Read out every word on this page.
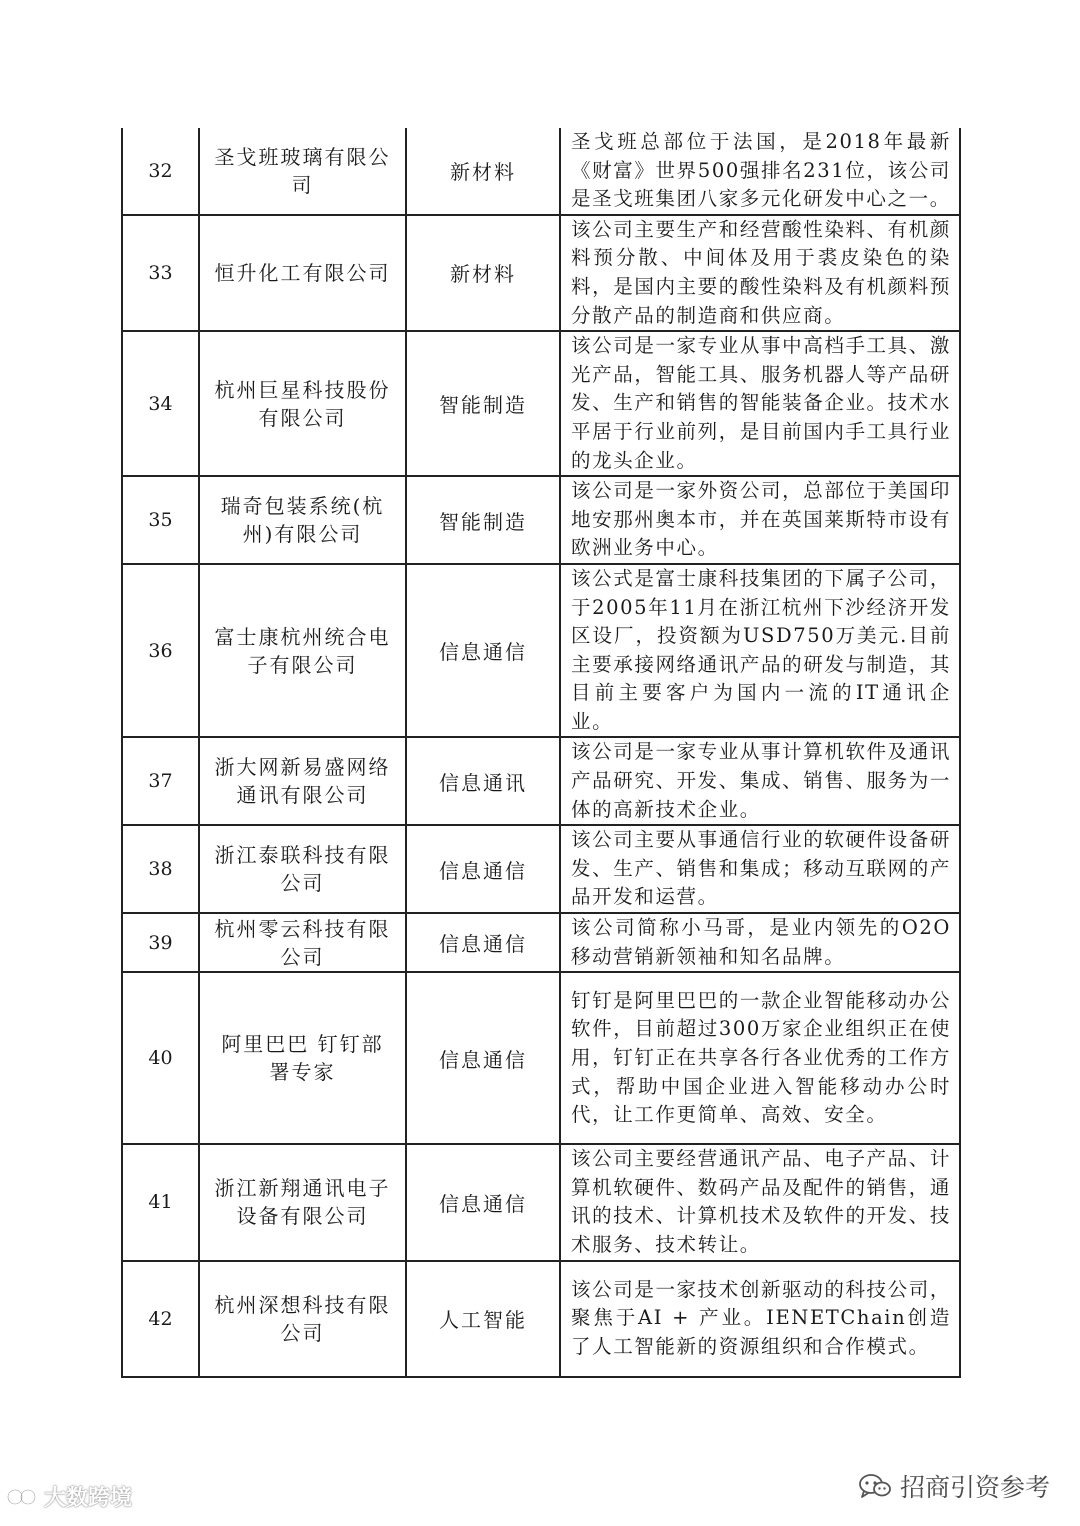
32	圣戈班玻璃有限公司	新材料	圣戈班总部位于法国，是2018年最新《财富》世界500强排名231位，该公司是圣戈班集团八家多元化研发中心之一。
33	恒升化工有限公司	新材料	该公司主要生产和经营酸性染料、有机颜料预分散、中间体及用于裘皮染色的染料，是国内主要的酸性染料及有机颜料预分散产品的制造商和供应商。
34	杭州巨星科技股份有限公司	智能制造	该公司是一家专业从事中高档手工具、激光产品，智能工具、服务机器人等产品研发、生产和销售的智能装备企业。技术水平居于行业前列，是目前国内手工具行业的龙头企业。
35	瑞奇包装系统(杭州)有限公司	智能制造	该公司是一家外资公司，总部位于美国印地安那州奥本市，并在英国莱斯特市设有欧洲业务中心。
36	富士康杭州统合电子有限公司	信息通信	该公式是富士康科技集团的下属子公司，于2005年11月在浙江杭州下沙经济开发区设厂，投资额为USD750万美元.目前主要承接网络通讯产品的研发与制造，其目前主要客户为国内一流的IT通讯企业。
37	浙大网新易盛网络通讯有限公司	信息通讯	该公司是一家专业从事计算机软件及通讯产品研究、开发、集成、销售、服务为一体的高新技术企业。
38	浙江泰联科技有限公司	信息通信	该公司主要从事通信行业的软硬件设备研发、生产、销售和集成；移动互联网的产品开发和运营。
39	杭州零云科技有限公司	信息通信	该公司简称小马哥，是业内领先的O2O移动营销新领袖和知名品牌。
40	阿里巴巴 钉钉部署专家	信息通信	钉钉是阿里巴巴的一款企业智能移动办公软件，目前超过300万家企业组织正在使用，钉钉正在共享各行各业优秀的工作方式，帮助中国企业进入智能移动办公时代，让工作更简单、高效、安全。
41	浙江新翔通讯电子设备有限公司	信息通信	该公司主要经营通讯产品、电子产品、计算机软硬件、数码产品及配件的销售，通讯的技术、计算机技术及软件的开发、技术服务、技术转让。
42	杭州深想科技有限公司	人工智能	该公司是一家技术创新驱动的科技公司，聚焦于AI + 产业。IENETChain创造了人工智能新的资源组织和合作模式。
大数跨境	招商引资参考
